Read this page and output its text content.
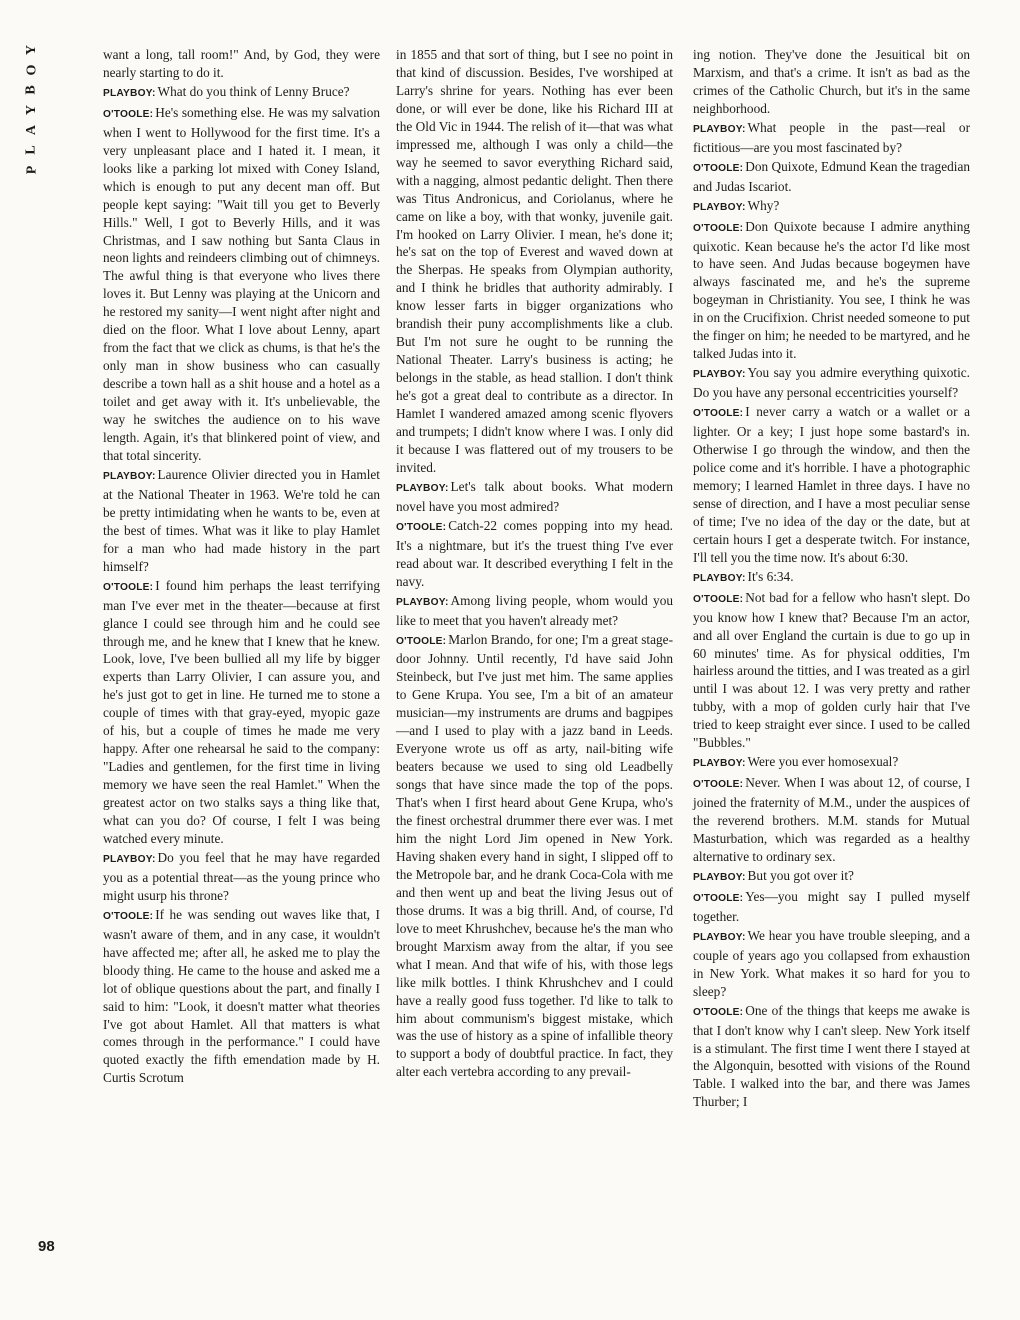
Y
O
B
Y
A
L
P
98

want a long, tall room!" And, by God, they were nearly starting to do it.

PLAYBOY: What do you think of Lenny Bruce?

O'TOOLE: He's something else. He was my salvation when I went to Hollywood for the first time. It's a very unpleasant place and I hated it. I mean, it looks like a parking lot mixed with Coney Island, which is enough to put any decent man off. But people kept saying: "Wait till you get to Beverly Hills." Well, I got to Beverly Hills, and it was Christmas, and I saw nothing but Santa Claus in neon lights and reindeers climbing out of chimneys. The awful thing is that everyone who lives there loves it. But Lenny was playing at the Unicorn and he restored my sanity—I went night after night and died on the floor. What I love about Lenny, apart from the fact that we click as chums, is that he's the only man in show business who can casually describe a town hall as a shit house and a hotel as a toilet and get away with it. It's unbelievable, the way he switches the audience on to his wave length. Again, it's that blinkered point of view, and that total sincerity.

PLAYBOY: Laurence Olivier directed you in Hamlet at the National Theater in 1963. We're told he can be pretty intimidating when he wants to be, even at the best of times. What was it like to play Hamlet for a man who had made history in the part himself?

O'TOOLE: I found him perhaps the least terrifying man I've ever met in the theater—because at first glance I could see through him and he could see through me, and he knew that I knew that he knew. Look, love, I've been bullied all my life by bigger experts than Larry Olivier, I can assure you, and he's just got to get in line. He turned me to stone a couple of times with that gray-eyed, myopic gaze of his, but a couple of times he made me very happy. After one rehearsal he said to the company: "Ladies and gentlemen, for the first time in living memory we have seen the real Hamlet." When the greatest actor on two stalks says a thing like that, what can you do? Of course, I felt I was being watched every minute.

PLAYBOY: Do you feel that he may have regarded you as a potential threat—as the young prince who might usurp his throne?

O'TOOLE: If he was sending out waves like that, I wasn't aware of them, and in any case, it wouldn't have affected me; after all, he asked me to play the bloody thing. He came to the house and asked me a lot of oblique questions about the part, and finally I said to him: "Look, it doesn't matter what theories I've got about Hamlet. All that matters is what comes through in the performance." I could have quoted exactly the fifth emendation made by H. Curtis Scrotum

in 1855 and that sort of thing, but I see no point in that kind of discussion. Besides, I've worshiped at Larry's shrine for years. Nothing has ever been done, or will ever be done, like his Richard III at the Old Vic in 1944. The relish of it—that was what impressed me, although I was only a child—the way he seemed to savor everything Richard said, with a nagging, almost pedantic delight. Then there was Titus Andronicus, and Coriolanus, where he came on like a boy, with that wonky, juvenile gait. I'm hooked on Larry Olivier. I mean, he's done it; he's sat on the top of Everest and waved down at the Sherpas. He speaks from Olympian authority, and I think he bridles that authority admirably. I know lesser farts in bigger organizations who brandish their puny accomplishments like a club. But I'm not sure he ought to be running the National Theater. Larry's business is acting; he belongs in the stable, as head stallion. I don't think he's got a great deal to contribute as a director. In Hamlet I wandered amazed among scenic flyovers and trumpets; I didn't know where I was. I only did it because I was flattered out of my trousers to be invited.

PLAYBOY: Let's talk about books. What modern novel have you most admired?

O'TOOLE: Catch-22 comes popping into my head. It's a nightmare, but it's the truest thing I've ever read about war. It described everything I felt in the navy.

PLAYBOY: Among living people, whom would you like to meet that you haven't already met?

O'TOOLE: Marlon Brando, for one; I'm a great stage-door Johnny. Until recently, I'd have said John Steinbeck, but I've just met him. The same applies to Gene Krupa. You see, I'm a bit of an amateur musician—my instruments are drums and bagpipes—and I used to play with a jazz band in Leeds. Everyone wrote us off as arty, nail-biting wife beaters because we used to sing old Leadbelly songs that have since made the top of the pops. That's when I first heard about Gene Krupa, who's the finest orchestral drummer there ever was. I met him the night Lord Jim opened in New York. Having shaken every hand in sight, I slipped off to the Metropole bar, and he drank Coca-Cola with me and then went up and beat the living Jesus out of those drums. It was a big thrill. And, of course, I'd love to meet Khrushchev, because he's the man who brought Marxism away from the altar, if you see what I mean. And that wife of his, with those legs like milk bottles. I think Khrushchev and I could have a really good fuss together. I'd like to talk to him about communism's biggest mistake, which was the use of history as a spine of infallible theory to support a body of doubtful practice. In fact, they alter each vertebra according to any prevail-

ing notion. They've done the Jesuitical bit on Marxism, and that's a crime. It isn't as bad as the crimes of the Catholic Church, but it's in the same neighborhood.

PLAYBOY: What people in the past—real or fictitious—are you most fascinated by?

O'TOOLE: Don Quixote, Edmund Kean the tragedian and Judas Iscariot.

PLAYBOY: Why?

O'TOOLE: Don Quixote because I admire anything quixotic. Kean because he's the actor I'd like most to have seen. And Judas because bogeymen have always fascinated me, and he's the supreme bogeyman in Christianity. You see, I think he was in on the Crucifixion. Christ needed someone to put the finger on him; he needed to be martyred, and he talked Judas into it.

PLAYBOY: You say you admire everything quixotic. Do you have any personal eccentricities yourself?

O'TOOLE: I never carry a watch or a wallet or a lighter. Or a key; I just hope some bastard's in. Otherwise I go through the window, and then the police come and it's horrible. I have a photographic memory; I learned Hamlet in three days. I have no sense of direction, and I have a most peculiar sense of time; I've no idea of the day or the date, but at certain hours I get a desperate twitch. For instance, I'll tell you the time now. It's about 6:30.

PLAYBOY: It's 6:34.

O'TOOLE: Not bad for a fellow who hasn't slept. Do you know how I knew that? Because I'm an actor, and all over England the curtain is due to go up in 60 minutes' time. As for physical oddities, I'm hairless around the titties, and I was treated as a girl until I was about 12. I was very pretty and rather tubby, with a mop of golden curly hair that I've tried to keep straight ever since. I used to be called "Bubbles."

PLAYBOY: Were you ever homosexual?

O'TOOLE: Never. When I was about 12, of course, I joined the fraternity of M.M., under the auspices of the reverend brothers. M.M. stands for Mutual Masturbation, which was regarded as a healthy alternative to ordinary sex.

PLAYBOY: But you got over it?

O'TOOLE: Yes—you might say I pulled myself together.

PLAYBOY: We hear you have trouble sleeping, and a couple of years ago you collapsed from exhaustion in New York. What makes it so hard for you to sleep?

O'TOOLE: One of the things that keeps me awake is that I don't know why I can't sleep. New York itself is a stimulant. The first time I went there I stayed at the Algonquin, besotted with visions of the Round Table. I walked into the bar, and there was James Thurber; I
